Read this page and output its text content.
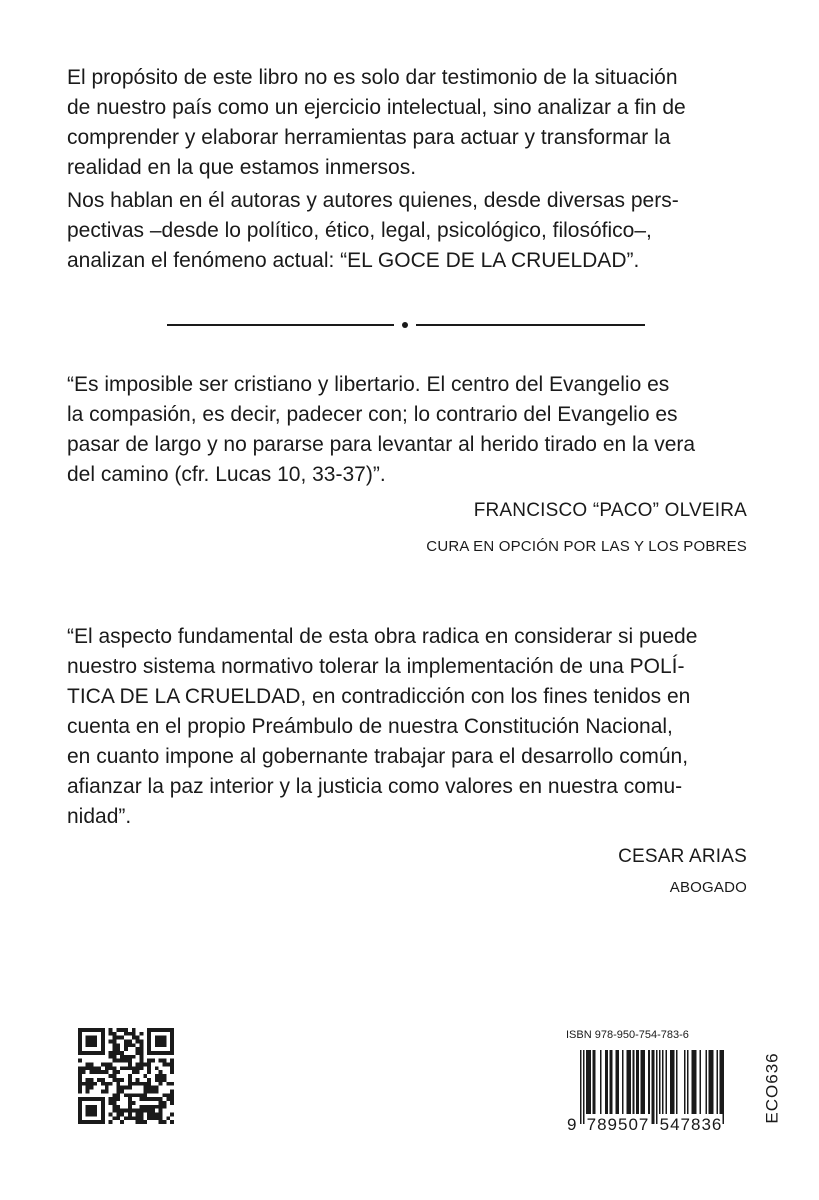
El propósito de este libro no es solo dar testimonio de la situación
de nuestro país como un ejercicio intelectual, sino analizar a fin de
comprender y elaborar herramientas para actuar y transformar la
realidad en la que estamos inmersos.

Nos hablan en él autoras y autores quienes, desde diversas pers-
pectivas –desde lo político, ético, legal, psicológico, filosófico–,
analizan el fenómeno actual: “EL GOCE DE LA CRUELDAD”.

“Es imposible ser cristiano y libertario. El centro del Evangelio es
la compasión, es decir, padecer con; lo contrario del Evangelio es
pasar de largo y no pararse para levantar al herido tirado en la vera
del camino (cfr. Lucas 10, 33-37)”.

FRANCISCO “PACO” OLVEIRA
CURA EN OPCIÓN POR LAS Y LOS POBRES

“El aspecto fundamental de esta obra radica en considerar si puede
nuestro sistema normativo tolerar la implementación de una POLÍ-
TICA DE LA CRUELDAD, en contradicción con los fines tenidos en
cuenta en el propio Preámbulo de nuestra Constitución Nacional,
en cuanto impone al gobernante trabajar para el desarrollo común,
afianzar la paz interior y la justicia como valores en nuestra comu-
nidad”.

CESAR ARIAS
ABOGADO
ISBN 978-950-754-783-6
9 789507 547836
ECO636
